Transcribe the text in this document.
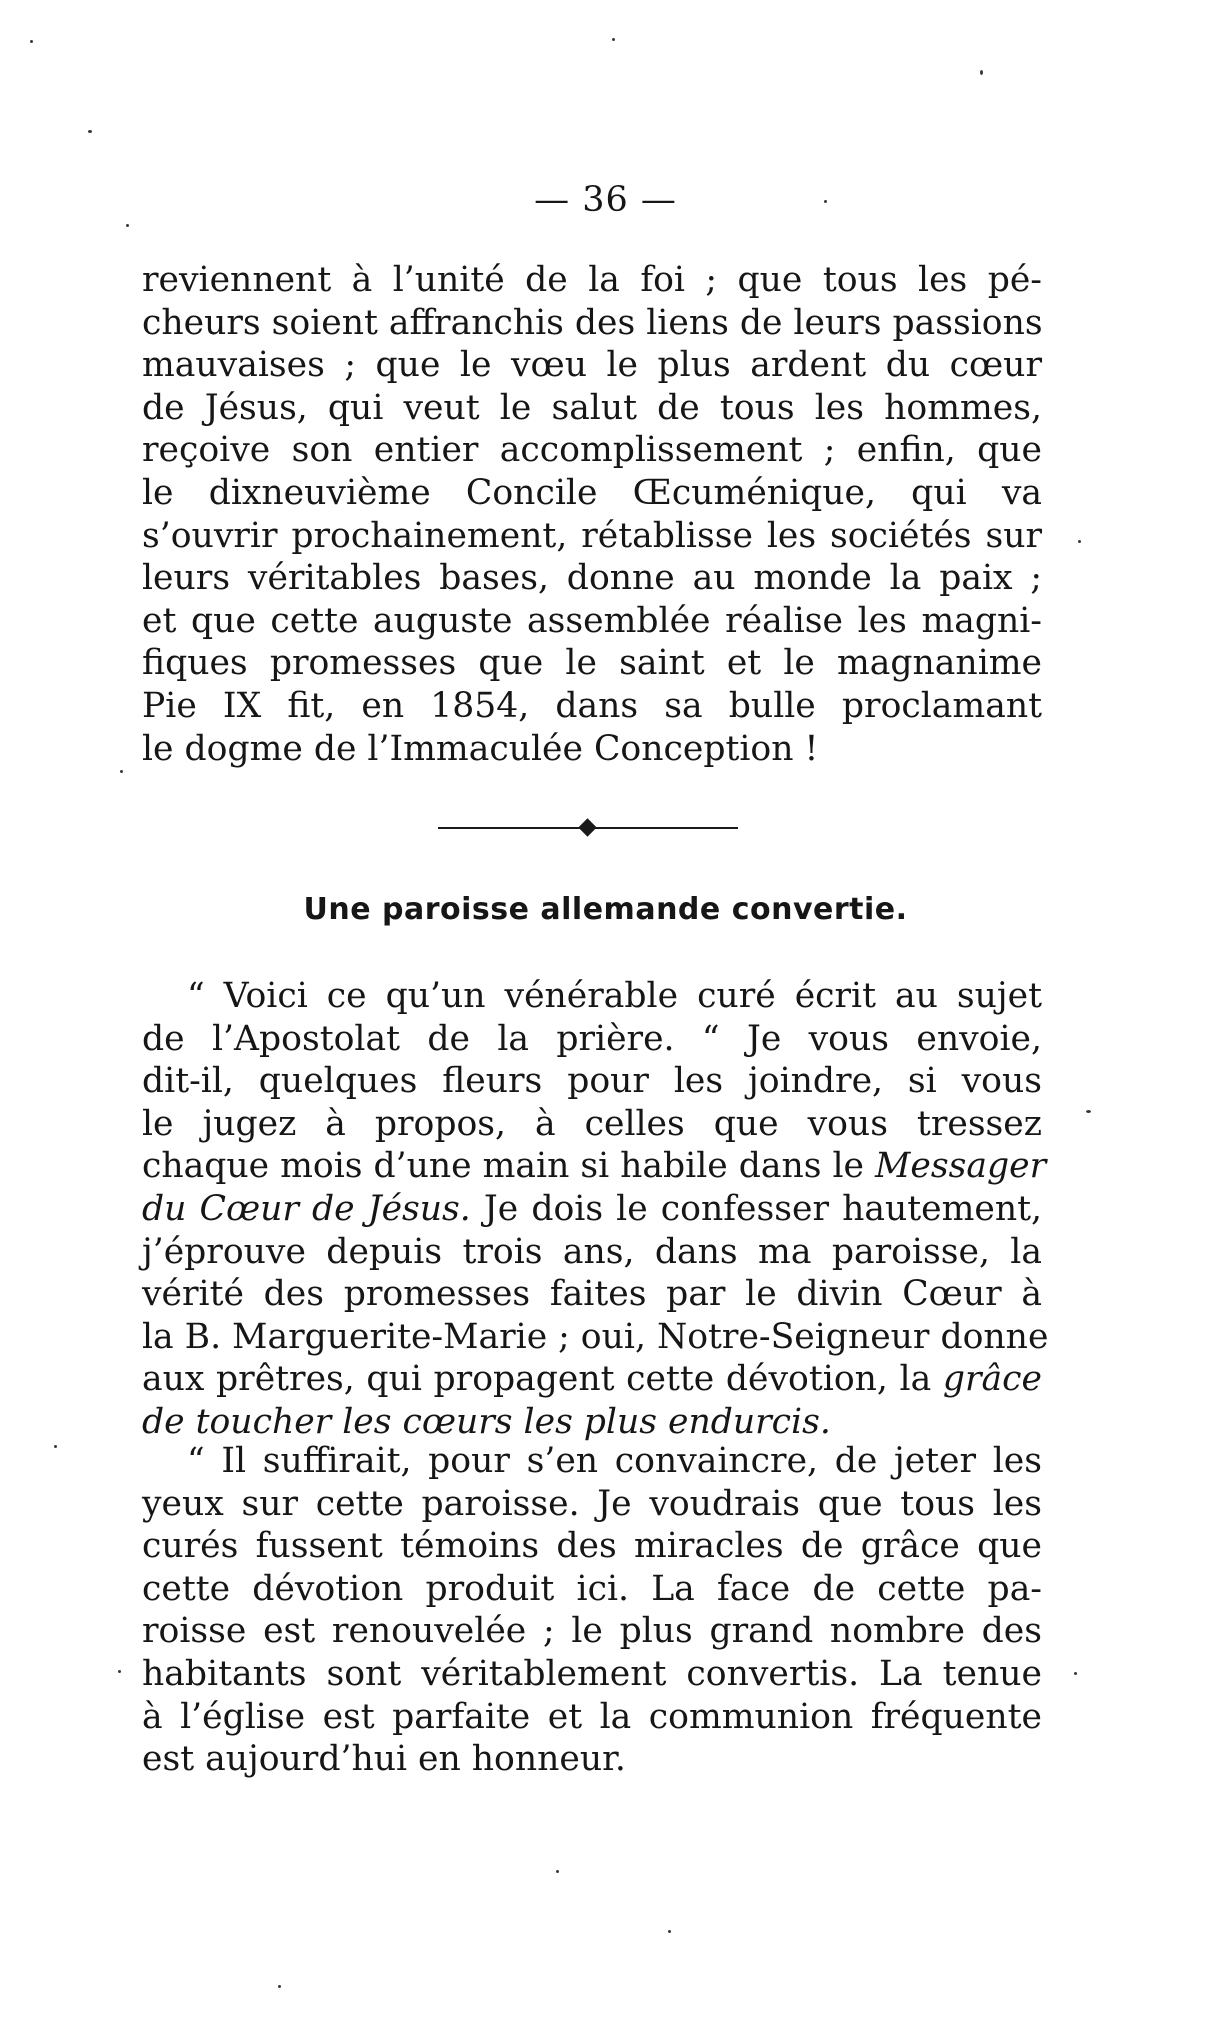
— 36 —
reviennent à l’unité de la foi ; que tous les pé-
cheurs soient affranchis des liens de leurs passions
mauvaises ; que le vœu le plus ardent du cœur
de Jésus, qui veut le salut de tous les hommes,
reçoive son entier accomplissement ; enfin, que
le dixneuvième Concile Œcuménique, qui va
s’ouvrir prochainement, rétablisse les sociétés sur
leurs véritables bases, donne au monde la paix ;
et que cette auguste assemblée réalise les magni-
fiques promesses que le saint et le magnanime
Pie IX fit, en 1854, dans sa bulle proclamant
le dogme de l’Immaculée Conception !
Une paroisse allemande convertie.
“ Voici ce qu’un vénérable curé écrit au sujet
de l’Apostolat de la prière. “ Je vous envoie,
dit-il, quelques fleurs pour les joindre, si vous
le jugez à propos, à celles que vous tressez
chaque mois d’une main si habile dans le Messager
du Cœur de Jésus. Je dois le confesser hautement,
j’éprouve depuis trois ans, dans ma paroisse, la
vérité des promesses faites par le divin Cœur à
la B. Marguerite-Marie ; oui, Notre-Seigneur donne
aux prêtres, qui propagent cette dévotion, la grâce
de toucher les cœurs les plus endurcis.
“ Il suffirait, pour s’en convaincre, de jeter les
yeux sur cette paroisse. Je voudrais que tous les
curés fussent témoins des miracles de grâce que
cette dévotion produit ici. La face de cette pa-
roisse est renouvelée ; le plus grand nombre des
habitants sont véritablement convertis. La tenue
à l’église est parfaite et la communion fréquente
est aujourd’hui en honneur.
